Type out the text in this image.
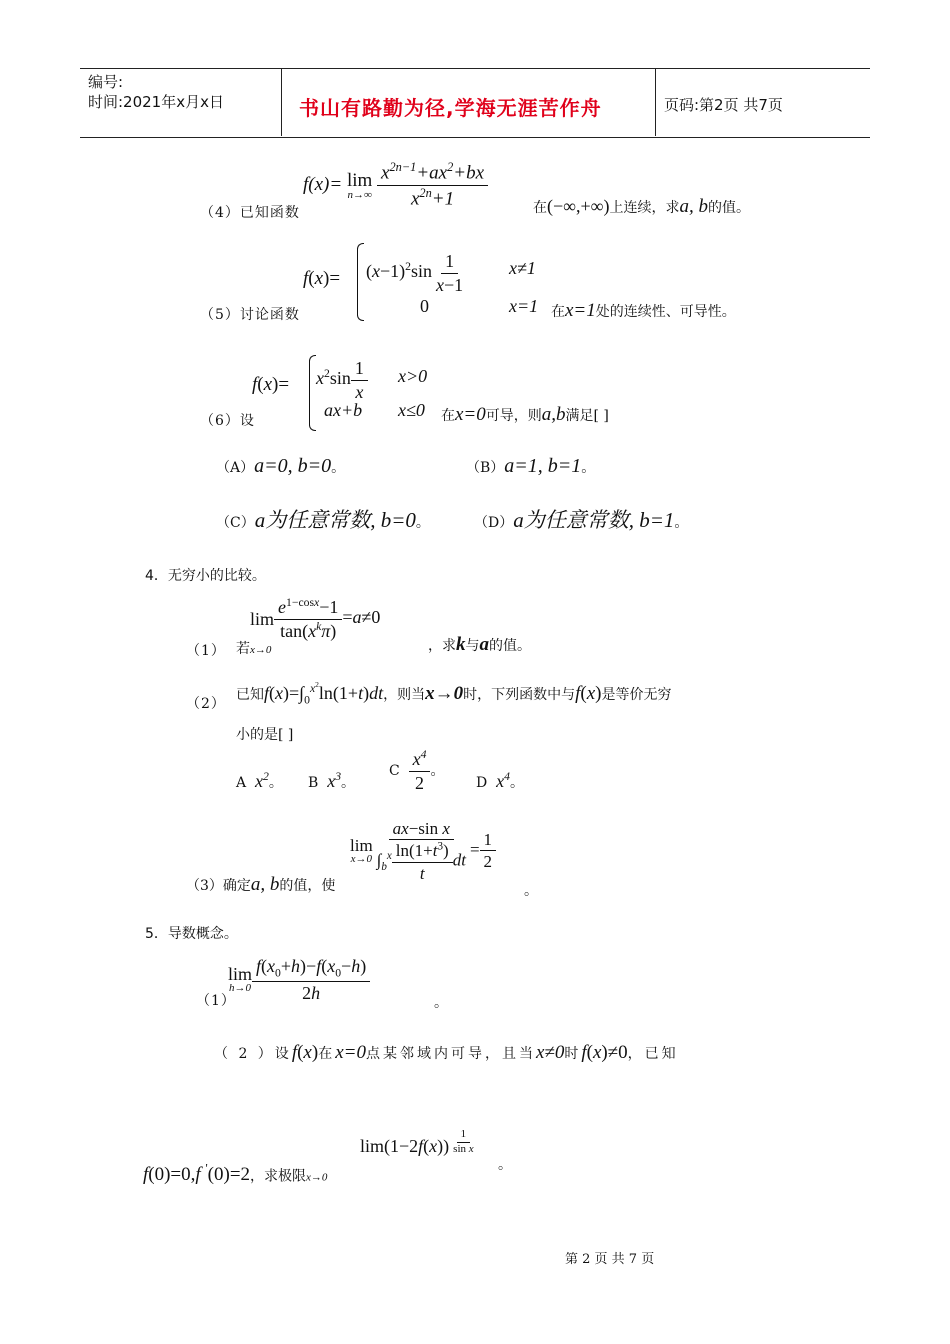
编号:
时间:2021年x月x日	书山有路勤为径,学海无涯苦作舟	页码:第2页 共7页
f(x)= lim
n→∞
$\frac{x^{2n-1}+ax^2+bx}{x^{2n}+1}$
（4）已知函数	在(−∞,+∞)上连续，求a, b的值。
$f(x)= (x-1)^2\sin \frac{1}{x-1} x\ne 1$
0	x=1
（5）讨论函数	在x=1处的连续性、可导性。
$f(x)= x^2\sin \frac{1}{x} x>0$
ax+b x≤0
（6）设	在x=0可导，则a,b满足[ ]
（A）a=0, b=0。	（B）a=1, b=1。
（C）a为任意常数, b=0。	（D）a为任意常数, b=1。
4．无穷小的比较。
$\lim \frac{e^{1-cosx}-1}{\tan(x^k\pi)} =a\ne 0$
（1） 若x→0	，求k与a的值。
（2）
已知$f(x)=\int_0^{x^2}\ln(1+t)dt$，则当x→0时，下列函数中与f(x)是等价无穷
小的是[ ]
A $x^2$。 B $x^3$。
C $\frac{x^4}{2}$ 。
D $x^4$。
lim
$x\to 0 \frac{\text{ax−sin x}}{\int_b^x \frac{\ln(1+t^3)}{t} dt} = \frac{1}{2}$
（3）确定a, b的值，使	。
5．导数概念。
lim
$h\to 0 \frac{f(x_0+h)-f(x_0-h)}{2h}$
（1）	。
（ 2 ）设f(x)在x=0点某邻域内可导，且当x≠0时f(x)≠0，已知
f(0)=0,f '(0)=2，求极限x→0
lim(1−2f(x)) $^{\frac{1}{\text{sin x}}}$
。
第 2 页 共 7 页
